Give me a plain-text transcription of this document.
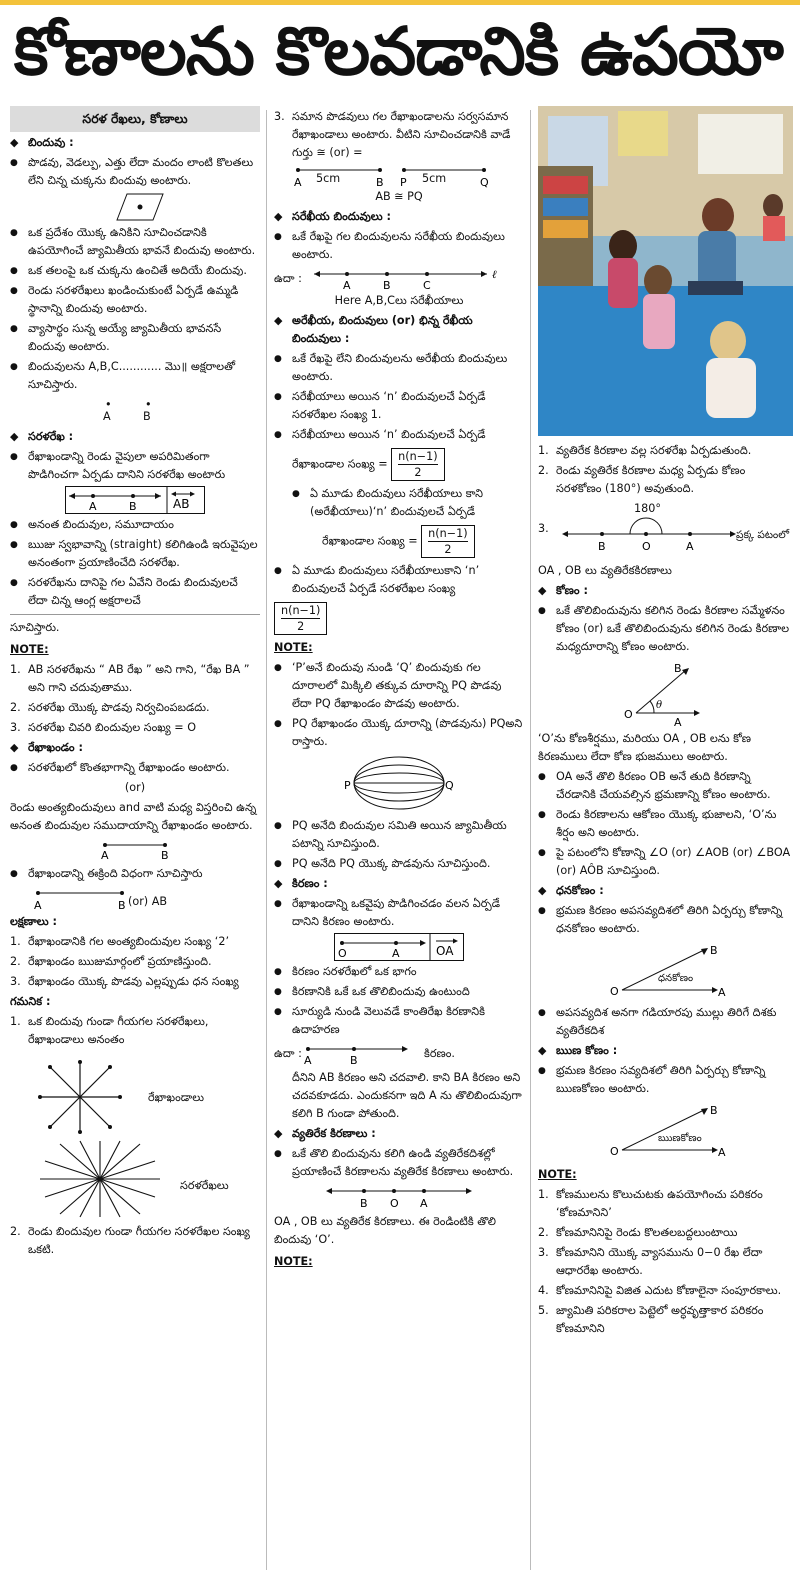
కోణాలను కొలవడానికి ఉపయో
సరళ రేఖలు, కోణాలు
◆ బిందువు :
● పొడవు, వెడల్పు, ఎత్తు లేదా మందం లాంటి కొలతలు లేని చిన్న చుక్కను బిందువు అంటారు.
● ఒక ప్రదేశం యొక్క ఉనికిని సూచించడానికి ఉపయోగించే జ్యామితీయ భావనే బిందువు అంటారు.
● ఒక తలంపై ఒక చుక్కను ఉంచితే అదియే బిందువు.
● రెండు సరళరేఖలు ఖండించుకుంటే ఏర్పడే ఉమ్మడి స్థానాన్ని బిందువు అంటారు.
● వ్యాసార్థం సున్న అయ్యే జ్యామితీయ భావనసే బిందువు అంటారు.
● బిందువులను A,B,C............ మొ॥ అక్షరాలతో సూచిస్తారు.
•
A
•
B
◆ సరళరేఖ :
● రేఖాఖండాన్ని రెండు వైపులా అపరిమితంగా పొడిగించగా ఏర్పడు దానిని సరళరేఖ అంటారు
A	B	AB
● అనంత బిందువుల, సమూదాయం
● ఋజు స్వభావాన్ని (straight) కలిగిఉండి ఇరువైపుల అనంతంగా ప్రయాణించేది సరళరేఖ.
● సరళరేఖను దానిపై గల ఏవేని రెండు బిందువులచే లేదా చిన్న ఆంగ్ల అక్షరాలచే
సూచిస్తారు.
NOTE:
1. AB సరళరేఖను “ AB రేఖ ” అని గాని, “రేఖ BA ” అని గాని చదువుతాము.
2. సరళరేఖ యొక్క పొడవు నిర్వచింపబడదు.
3. సరళరేఖ చివరి బిందువుల సంఖ్య = O
◆ రేఖాఖండం :
● సరళరేఖలో కొంతభాగాన్ని రేఖాఖండం అంటారు.
(or)
రెండు అంత్యబిందువులు and వాటి మధ్య విస్తరించి ఉన్న అనంత బిందువుల సముదాయాన్ని రేఖాఖండం అంటారు.
A	B
● రేఖాఖండాన్ని ఈక్రింది విధంగా సూచిస్తారు
A	B (or) AB
లక్షణాలు :
1. రేఖాఖండానికి గల అంత్యబిందువుల సంఖ్య ‘2’
2. రేఖాఖండం ఋజుమార్గంలో ప్రయాణిస్తుంది.
3. రేఖాఖండం యొక్క పొడవు ఎల్లప్పుడు ధన సంఖ్య
గమనిక :
1. ఒక బిందువు గుండా గీయగల సరళరేఖలు, రేఖాఖండాలు అనంతం
రేఖాఖండాలు
సరళరేఖలు
2. రెండు బిందువుల గుండా గీయగల సరళరేఖల సంఖ్య ఒకటి.
3. సమాన పొడవులు గల రేఖాఖండాలను సర్వసమాన రేఖాఖండాలు అంటారు. వీటిని సూచించడానికి వాడే గుర్తు ≅ (or) =
A	B P	Q
5cm	5cm
AB ≅ PQ
◆ సరేఖీయ బిందువులు :
● ఒకే రేఖపై గల బిందువులను సరేఖీయ బిందువులు అంటారు.
ఉదా :
A	B	C
ℓ
Here A,B,Cలు సరేఖీయాలు
◆ అరేఖీయ, బిందువులు (or) భిన్న రేఖీయ బిందువులు :
● ఒకే రేఖపై లేని బిందువులను అరేఖీయ బిందువులు అంటారు.
● సరేఖీయాలు అయిన ‘n’ బిందువులచే ఏర్పడే సరళరేఖల సంఖ్య 1.
● సరేఖీయాలు అయిన ‘n’ బిందువులచే ఏర్పడే
రేఖాఖండాల సంఖ్య = $\frac{n(n-1)}{2}$
● ఏ మూడు బిందువులు సరేఖీయాలు కాని (అరేఖీయాలు)‘n’ బిందువులచే ఏర్పడే
రేఖాఖండాల సంఖ్య = $\frac{n(n-1)}{2}$
● ఏ మూడు బిందువులు సరేఖీయాలుకాని ‘n’ బిందువులచే ఏర్పడే సరళరేఖల సంఖ్య
$\frac{n(n-1)}{2}$
NOTE:
● ‘P’అనే బిందువు నుండి ‘Q’ బిందువుకు గల దూరాలలో మిక్కిలి తక్కువ దూరాన్ని PQ పొడవు లేదా PQ రేఖాఖండం పొడవు అంటారు.
● PQ రేఖాఖండం యొక్క దూరాన్ని (పొడవును) PQఅని రాస్తారు.
P	Q
● PQ అనేది బిందువుల సమితి అయిన జ్యామితీయ పటాన్ని సూచిస్తుంది.
● PQ అనేది PQ యొక్క పొడవును సూచిస్తుంది.
◆ కిరణం :
● రేఖాఖండాన్ని ఒకవైపు పొడిగించడం వలన ఏర్పడే దానిని కిరణం అంటారు.
O	A	OA
● కిరణం సరళరేఖలో ఒక భాగం
● కిరణానికి ఒకే ఒక తొలిబిందువు ఉంటుంది
● సూర్యుడి నుండి వెలువడే కాంతిరేఖ కిరణానికి ఉదాహరణ
ఉదా :
A	B
కిరణం.
దీనిని AB కిరణం అని చదవాలి. కాని BA కిరణం అని చదవకూడదు. ఎందుకనగా ఇది A ను తొలిబిందువుగా కలిగి B గుండా పోతుంది.
◆ వ్యతిరేక కిరణాలు :
● ఒకే తొలి బిందువును కలిగి ఉండి వ్యతిరేకదిశల్లో ప్రయాణించే కిరణాలను వ్యతిరేక కిరణాలు అంటారు.
B O A
OA , OB లు వ్యతిరేక కిరణాలు. ఈ రెండింటికి తొలి బిందువు ‘O’.
NOTE:
1. వ్యతిరేక కిరణాల వల్ల సరళరేఖ ఏర్పడుతుంది.
2. రెండు వ్యతిరేక కిరణాల మధ్య ఏర్పడు కోణం సరళకోణం (180°) అవుతుంది.
3.
B	O	A
180°
ప్రక్క పటంలో
OA , OB లు వ్యతిరేకకిరణాలు
◆ కోణం :
● ఒకే తొలిబిందువును కలిగిన రెండు కిరణాల సమ్మేళనం కోణం (or) ఒకే తొలిబిందువును కలిగిన రెండు కిరణాల మధ్యదూరాన్ని కోణం అంటారు.
θ
O
B
A
‘O’ను కోణశీర్షము, మరియు OA , OB లను కోణ కిరణములు లేదా కోణ భుజములు అంటారు.
● OA అనే తొలి కిరణం OB అనే తుది కిరణాన్ని చేరడానికి చేయవల్సిన భ్రమణాన్ని కోణం అంటారు.
● రెండు కిరణాలను ఆకోణం యొక్క భుజాలని, ‘O’ను శీర్షం అని అంటారు.
● పై పటంలోని కోణాన్ని ∠O (or) ∠AOB (or) ∠BOA (or) AÔB సూచిస్తుంది.
◆ ధనకోణం :
● భ్రమణ కిరణం అపసవ్యదిశలో తిరిగి ఏర్పర్చు కోణాన్ని ధనకోణం అంటారు.
O
B
A
ధనకోణం
● అపసవ్యదిశ అనగా గడియారపు ముల్లు తిరిగే దిశకు వ్యతిరేకదిశ
◆ ఋణ కోణం :
● భ్రమణ కిరణం సవ్యదిశలో తిరిగి ఏర్పర్చు కోణాన్ని ఋణకోణం అంటారు.
O
B
A
ఋణకోణం
NOTE:
1. కోణములను కొలుచుటకు ఉపయోగించు పరికరం ‘కోణమానిని’
2. కోణమానినిపై రెండు కొలతలబద్దలుంటాయి
3. కోణమానిని యొక్క వ్యాసమును 0−0 రేఖ లేదా ఆధారరేఖ అంటారు.
4. కోణమానినిపై విజిత ఎదుట కోణాలైనా సంపూరకాలు.
5. జ్యామితి పరికరాల పెట్టెలో అర్ధవృత్తాకార పరికరం కోణమానిని
